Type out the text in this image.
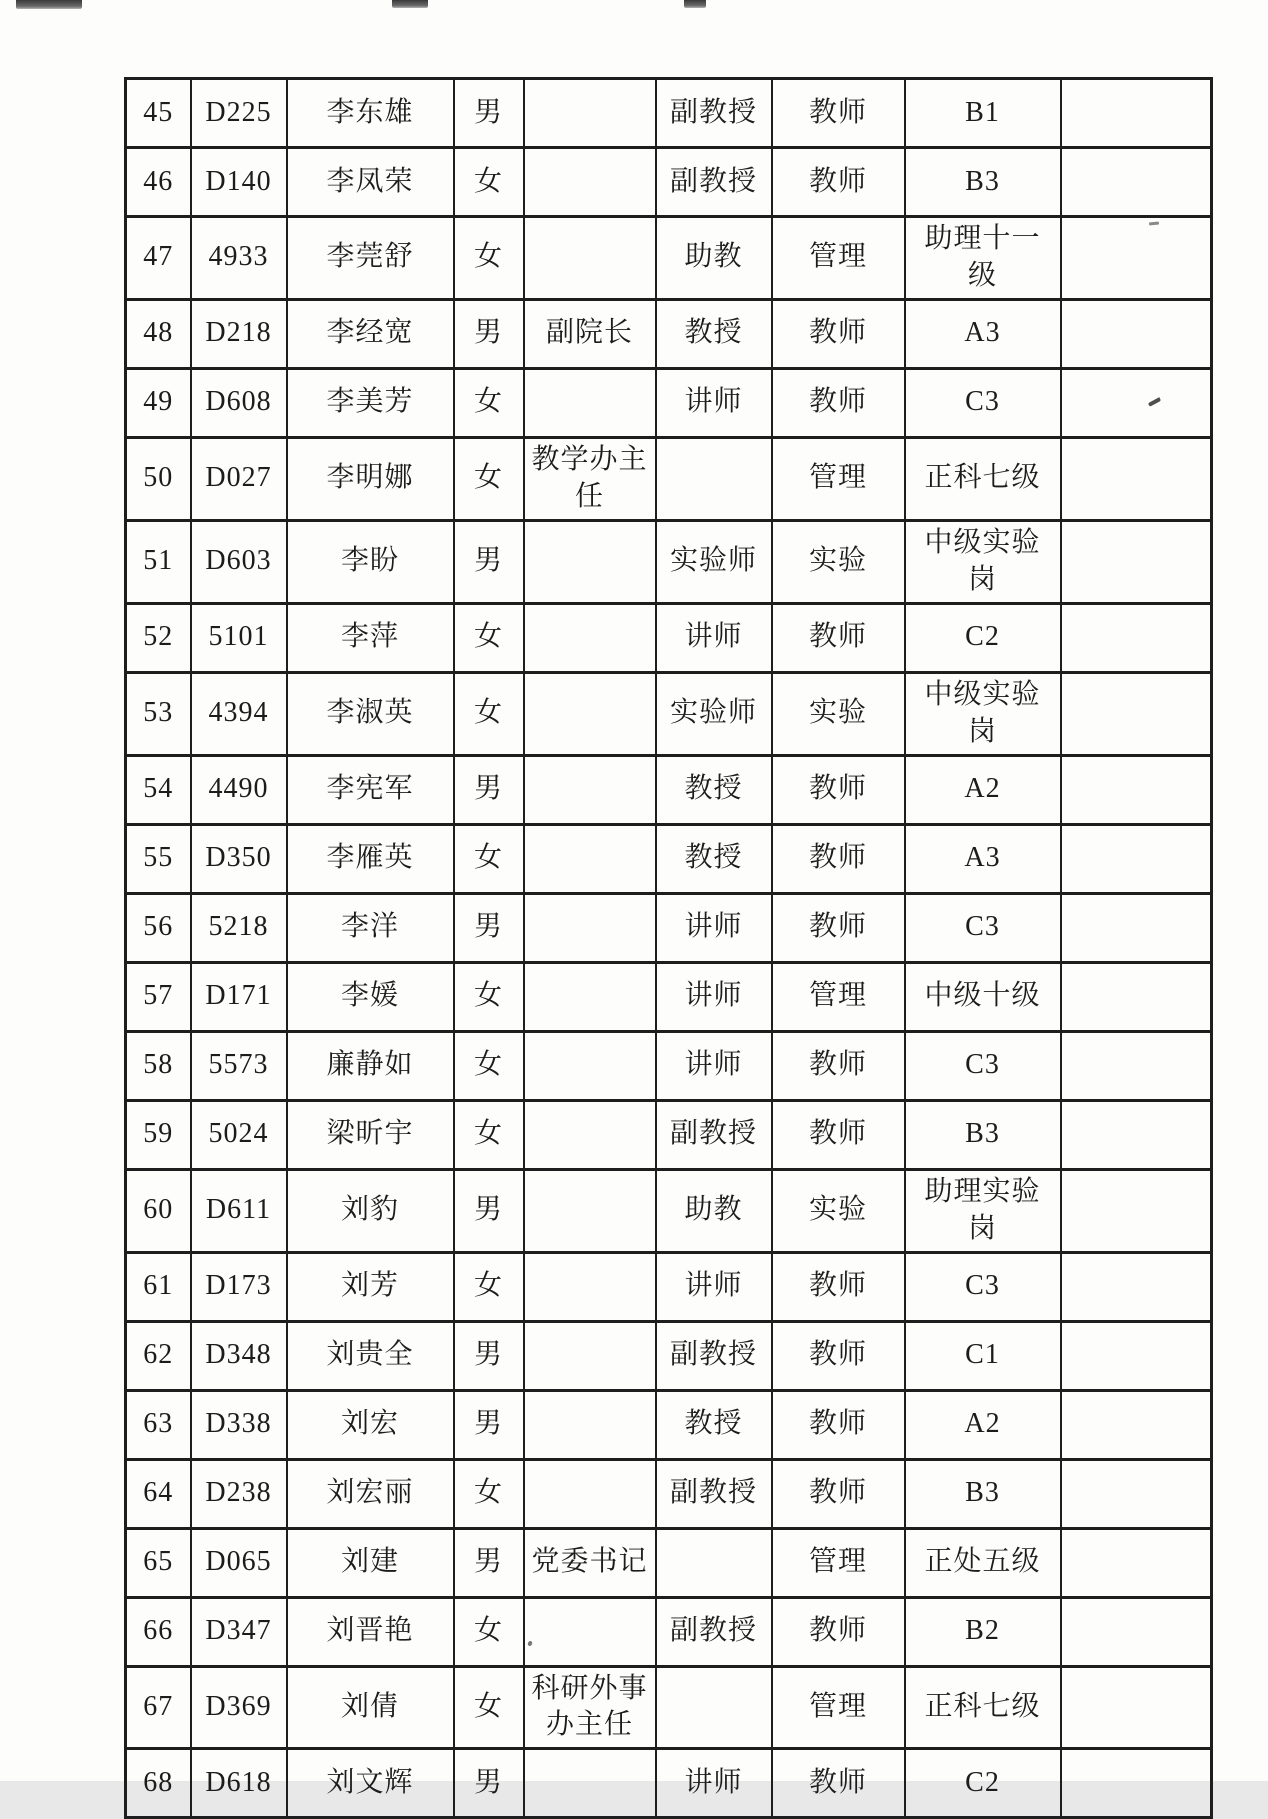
45	D225	李东雄	男		副教授	教师	B1	
46	D140	李凤荣	女		副教授	教师	B3	
47	4933	李莞舒	女		助教	管理	助理十一级	
48	D218	李经宽	男	副院长	教授	教师	A3	
49	D608	李美芳	女		讲师	教师	C3	
50	D027	李明娜	女	教学办主任		管理	正科七级	
51	D603	李盼	男		实验师	实验	中级实验岗	
52	5101	李萍	女		讲师	教师	C2	
53	4394	李淑英	女		实验师	实验	中级实验岗	
54	4490	李宪军	男		教授	教师	A2	
55	D350	李雁英	女		教授	教师	A3	
56	5218	李洋	男		讲师	教师	C3	
57	D171	李媛	女		讲师	管理	中级十级	
58	5573	廉静如	女		讲师	教师	C3	
59	5024	梁昕宇	女		副教授	教师	B3	
60	D611	刘豹	男		助教	实验	助理实验岗	
61	D173	刘芳	女		讲师	教师	C3	
62	D348	刘贵全	男		副教授	教师	C1	
63	D338	刘宏	男		教授	教师	A2	
64	D238	刘宏丽	女		副教授	教师	B3	
65	D065	刘建	男	党委书记		管理	正处五级	
66	D347	刘晋艳	女		副教授	教师	B2	
67	D369	刘倩	女	科研外事办主任		管理	正科七级	
68	D618	刘文辉	男		讲师	教师	C2	
